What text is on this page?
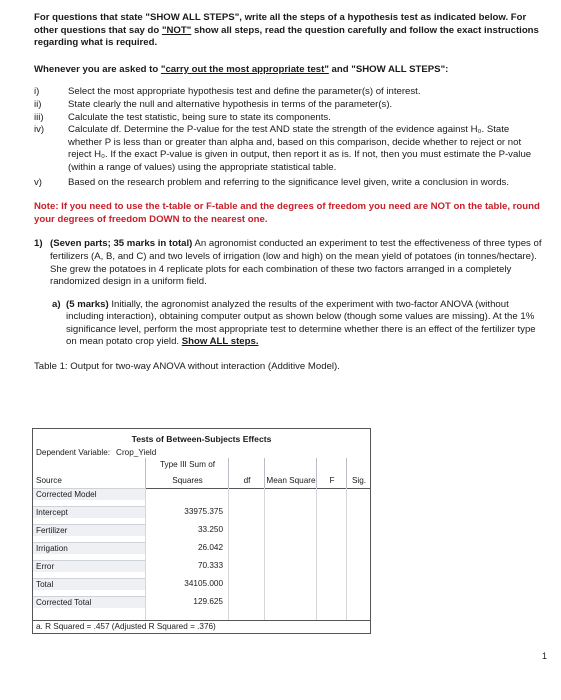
For questions that state "SHOW ALL STEPS", write all the steps of a hypothesis test as indicated below. For other questions that say do "NOT" show all steps, read the question carefully and follow the exact instructions regarding what is required.

Whenever you are asked to "carry out the most appropriate test" and "SHOW ALL STEPS":

i)	Select the most appropriate hypothesis test and define the parameter(s) of interest.
ii)	State clearly the null and alternative hypothesis in terms of the parameter(s).
iii)	Calculate the test statistic, being sure to state its components.
iv)	Calculate df. Determine the P-value for the test AND state the strength of the evidence against H₀. State whether P is less than or greater than alpha and, based on this comparison, decide whether to reject or not reject H₀. If the exact P-value is given in output, then report it as is. If not, then you must estimate the P-value (within a range of values) using the appropriate statistical table.
v)	Based on the research problem and referring to the significance level given, write a conclusion in words.

Note: If you need to use the t-table or F-table and the degrees of freedom you need are NOT on the table, round your degrees of freedom DOWN to the nearest one.

1) (Seven parts; 35 marks in total) An agronomist conducted an experiment to test the effectiveness of three types of fertilizers (A, B, and C) and two levels of irrigation (low and high) on the mean yield of potatoes (in tonnes/hectare). She grew the potatoes in 4 replicate plots for each combination of these two factors arranged in a completely randomized design in a uniform field.
a) (5 marks) Initially, the agronomist analyzed the results of the experiment with two-factor ANOVA (without including interaction), obtaining computer output as shown below (though some values are missing). At the 1% significance level, perform the most appropriate test to determine whether there is an effect of the fertilizer type on mean potato crop yield. Show ALL steps.

Table 1: Output for two-way ANOVA without interaction (Additive Model).

Tests of Between-Subjects Effects
Dependent Variable: Crop_Yield
Source
Type III Sum of
Squares	df	Mean Square	F	Sig.
Corrected Model
Intercept	33975.375
Fertilizer	33.250
Irrigation	26.042
Error	70.333
Total	34105.000
Corrected Total	129.625
a. R Squared = .457 (Adjusted R Squared = .376)
1
